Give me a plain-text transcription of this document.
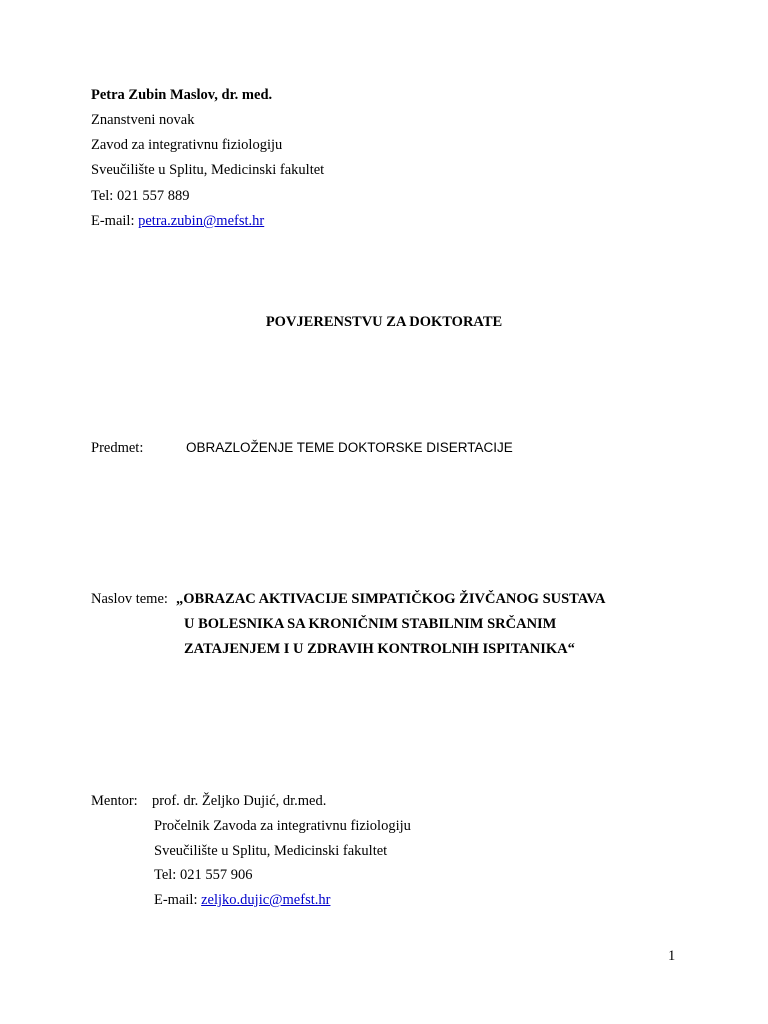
Petra Zubin Maslov, dr. med.
Znanstveni novak
Zavod za integrativnu fiziologiju
Sveučilište u Splitu, Medicinski fakultet
Tel: 021 557 889
E-mail: petra.zubin@mefst.hr
POVJERENSTVU ZA DOKTORATE
Predmet:	OBRAZLOŽENJE TEME DOKTORSKE DISERTACIJE
Naslov teme: „OBRAZAC AKTIVACIJE SIMPATIČKOG ŽIVČANOG SUSTAVA
U BOLESNIKA SA KRONIČNIM STABILNIM SRČANIM
ZATAJENJEM I U ZDRAVIH KONTROLNIH ISPITANIKA“
Mentor: prof. dr. Željko Dujić, dr.med.
Pročelnik Zavoda za integrativnu fiziologiju
Sveučilište u Splitu, Medicinski fakultet
Tel: 021 557 906
E-mail: zeljko.dujic@mefst.hr
1
